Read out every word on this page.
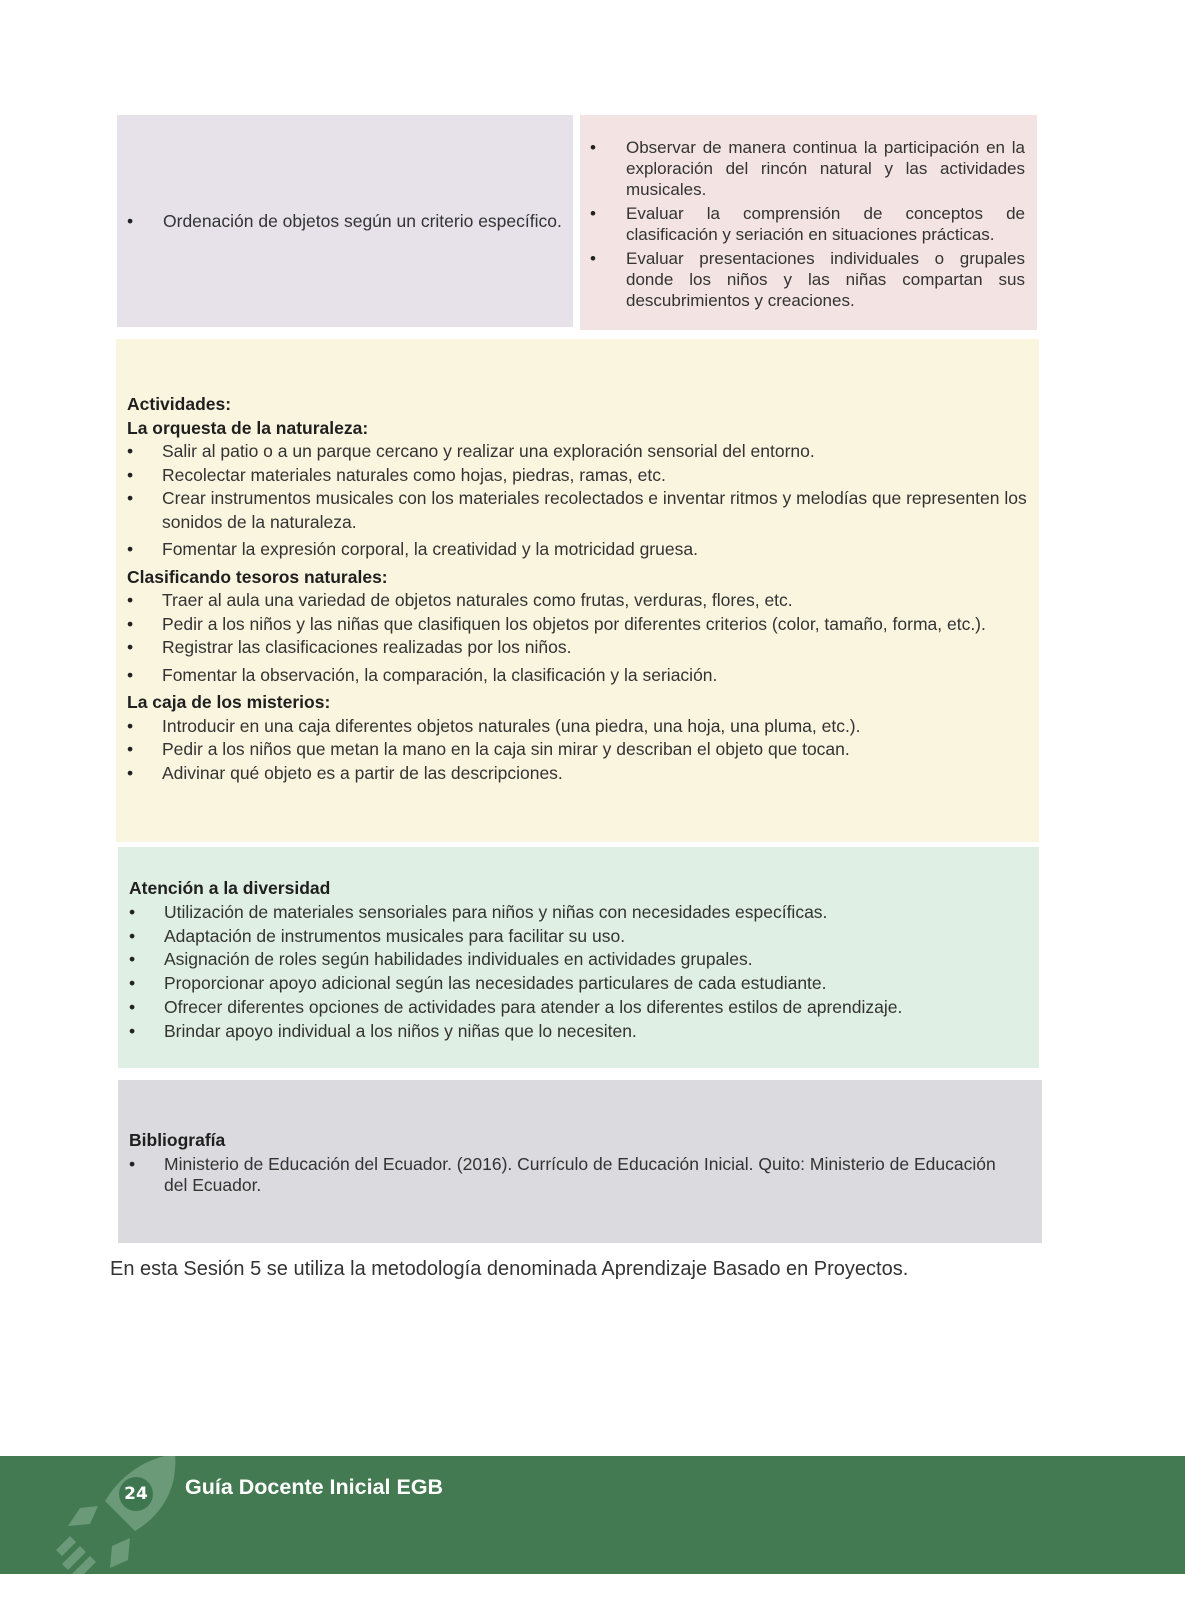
• Ordenación de objetos según un criterio específico.
• Observar de manera continua la participación en la exploración del rincón natural y las actividades musicales.
• Evaluar la comprensión de conceptos de clasificación y seriación en situaciones prácticas.
• Evaluar presentaciones individuales o grupales donde los niños y las niñas compartan sus descubrimientos y creaciones.
Actividades:
La orquesta de la naturaleza:
• Salir al patio o a un parque cercano y realizar una exploración sensorial del entorno.
• Recolectar materiales naturales como hojas, piedras, ramas, etc.
• Crear instrumentos musicales con los materiales recolectados e inventar ritmos y melodías que representen los sonidos de la naturaleza.
• Fomentar la expresión corporal, la creatividad y la motricidad gruesa.
Clasificando tesoros naturales:
• Traer al aula una variedad de objetos naturales como frutas, verduras, flores, etc.
• Pedir a los niños y las niñas que clasifiquen los objetos por diferentes criterios (color, tamaño, forma, etc.).
• Registrar las clasificaciones realizadas por los niños.
• Fomentar la observación, la comparación, la clasificación y la seriación.
La caja de los misterios:
• Introducir en una caja diferentes objetos naturales (una piedra, una hoja, una pluma, etc.).
• Pedir a los niños que metan la mano en la caja sin mirar y describan el objeto que tocan.
• Adivinar qué objeto es a partir de las descripciones.
Atención a la diversidad
• Utilización de materiales sensoriales para niños y niñas con necesidades específicas.
• Adaptación de instrumentos musicales para facilitar su uso.
• Asignación de roles según habilidades individuales en actividades grupales.
• Proporcionar apoyo adicional según las necesidades particulares de cada estudiante.
• Ofrecer diferentes opciones de actividades para atender a los diferentes estilos de aprendizaje.
• Brindar apoyo individual a los niños y niñas que lo necesiten.
Bibliografía
• Ministerio de Educación del Ecuador. (2016). Currículo de Educación Inicial. Quito: Ministerio de Educación del Ecuador.
En esta Sesión 5 se utiliza la metodología denominada Aprendizaje Basado en Proyectos.
24 Guía Docente Inicial EGB
